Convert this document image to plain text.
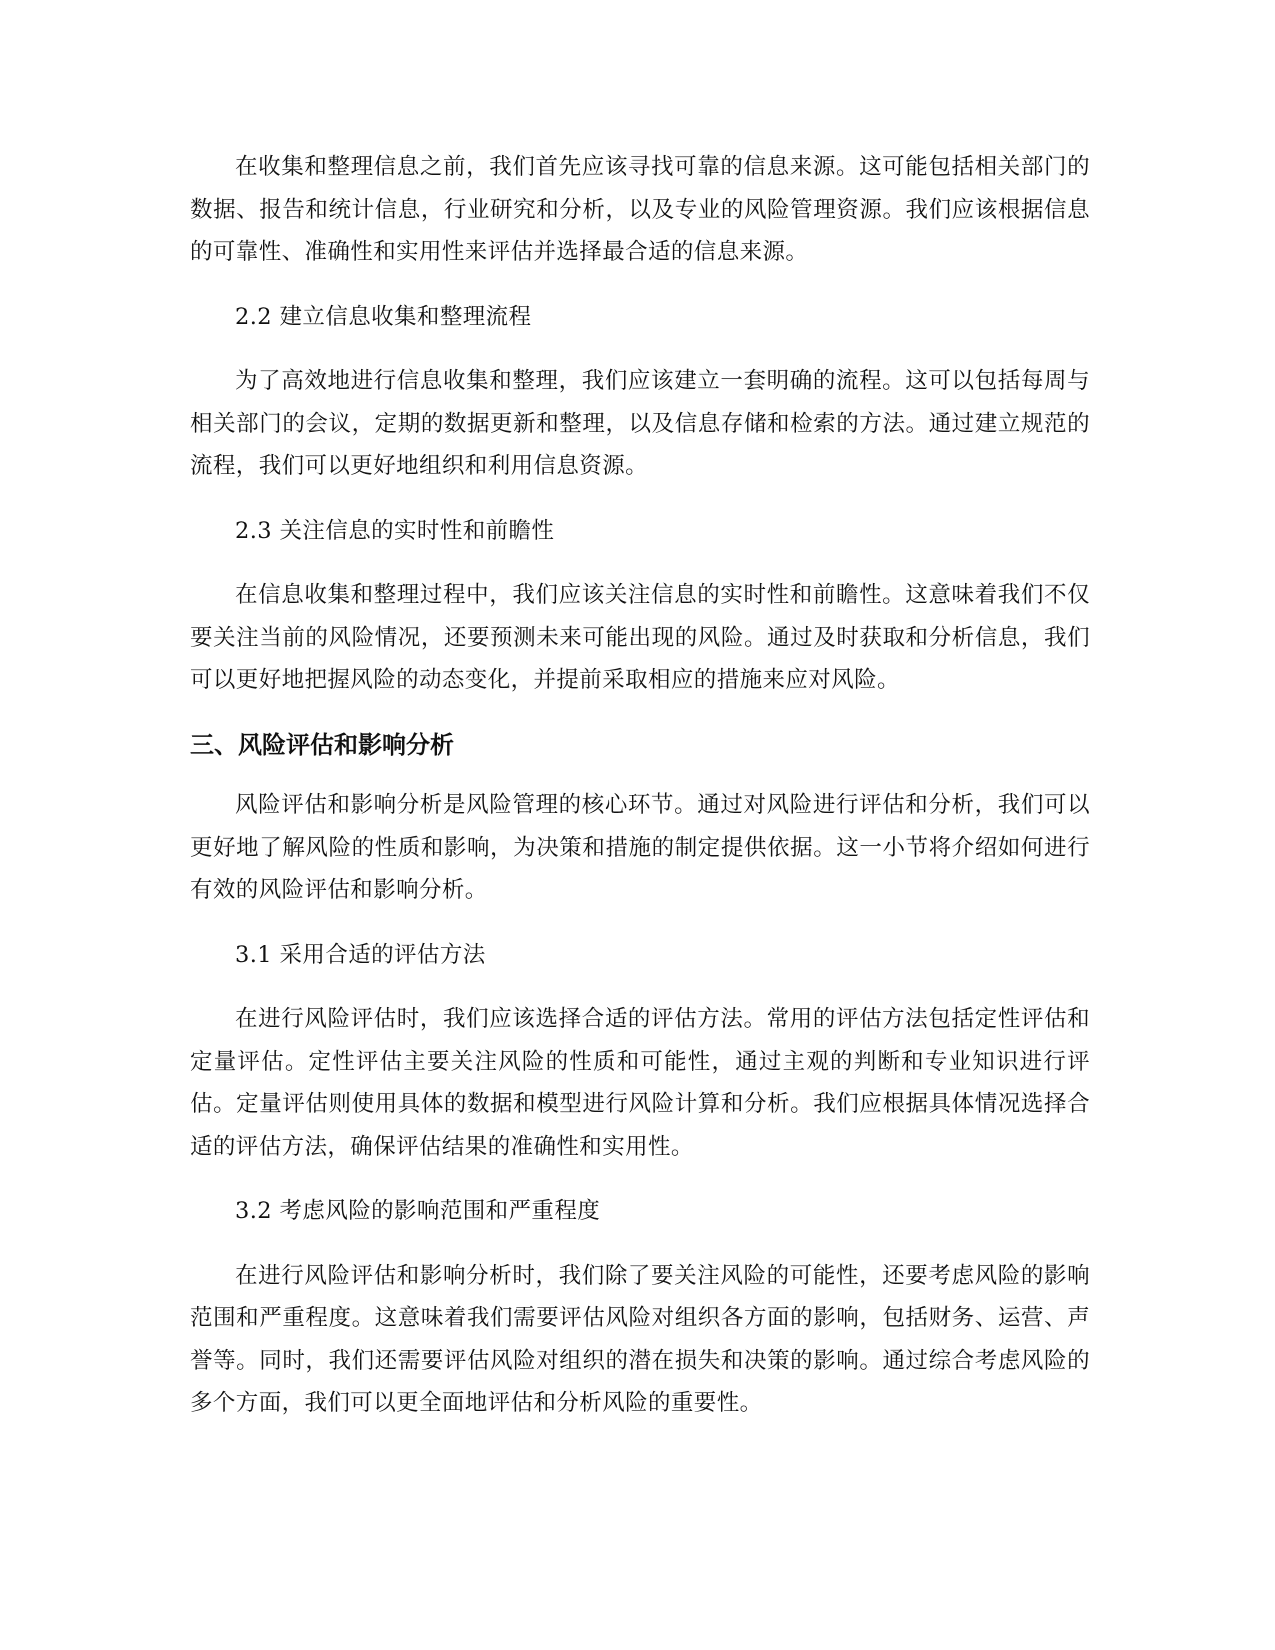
在收集和整理信息之前，我们首先应该寻找可靠的信息来源。这可能包括相关部门的数据、报告和统计信息，行业研究和分析，以及专业的风险管理资源。我们应该根据信息的可靠性、准确性和实用性来评估并选择最合适的信息来源。

2.2 建立信息收集和整理流程

为了高效地进行信息收集和整理，我们应该建立一套明确的流程。这可以包括每周与相关部门的会议，定期的数据更新和整理，以及信息存储和检索的方法。通过建立规范的流程，我们可以更好地组织和利用信息资源。

2.3 关注信息的实时性和前瞻性

在信息收集和整理过程中，我们应该关注信息的实时性和前瞻性。这意味着我们不仅要关注当前的风险情况，还要预测未来可能出现的风险。通过及时获取和分析信息，我们可以更好地把握风险的动态变化，并提前采取相应的措施来应对风险。

三、风险评估和影响分析

风险评估和影响分析是风险管理的核心环节。通过对风险进行评估和分析，我们可以更好地了解风险的性质和影响，为决策和措施的制定提供依据。这一小节将介绍如何进行有效的风险评估和影响分析。

3.1 采用合适的评估方法

在进行风险评估时，我们应该选择合适的评估方法。常用的评估方法包括定性评估和定量评估。定性评估主要关注风险的性质和可能性，通过主观的判断和专业知识进行评估。定量评估则使用具体的数据和模型进行风险计算和分析。我们应根据具体情况选择合适的评估方法，确保评估结果的准确性和实用性。

3.2 考虑风险的影响范围和严重程度

在进行风险评估和影响分析时，我们除了要关注风险的可能性，还要考虑风险的影响范围和严重程度。这意味着我们需要评估风险对组织各方面的影响，包括财务、运营、声誉等。同时，我们还需要评估风险对组织的潜在损失和决策的影响。通过综合考虑风险的多个方面，我们可以更全面地评估和分析风险的重要性。
